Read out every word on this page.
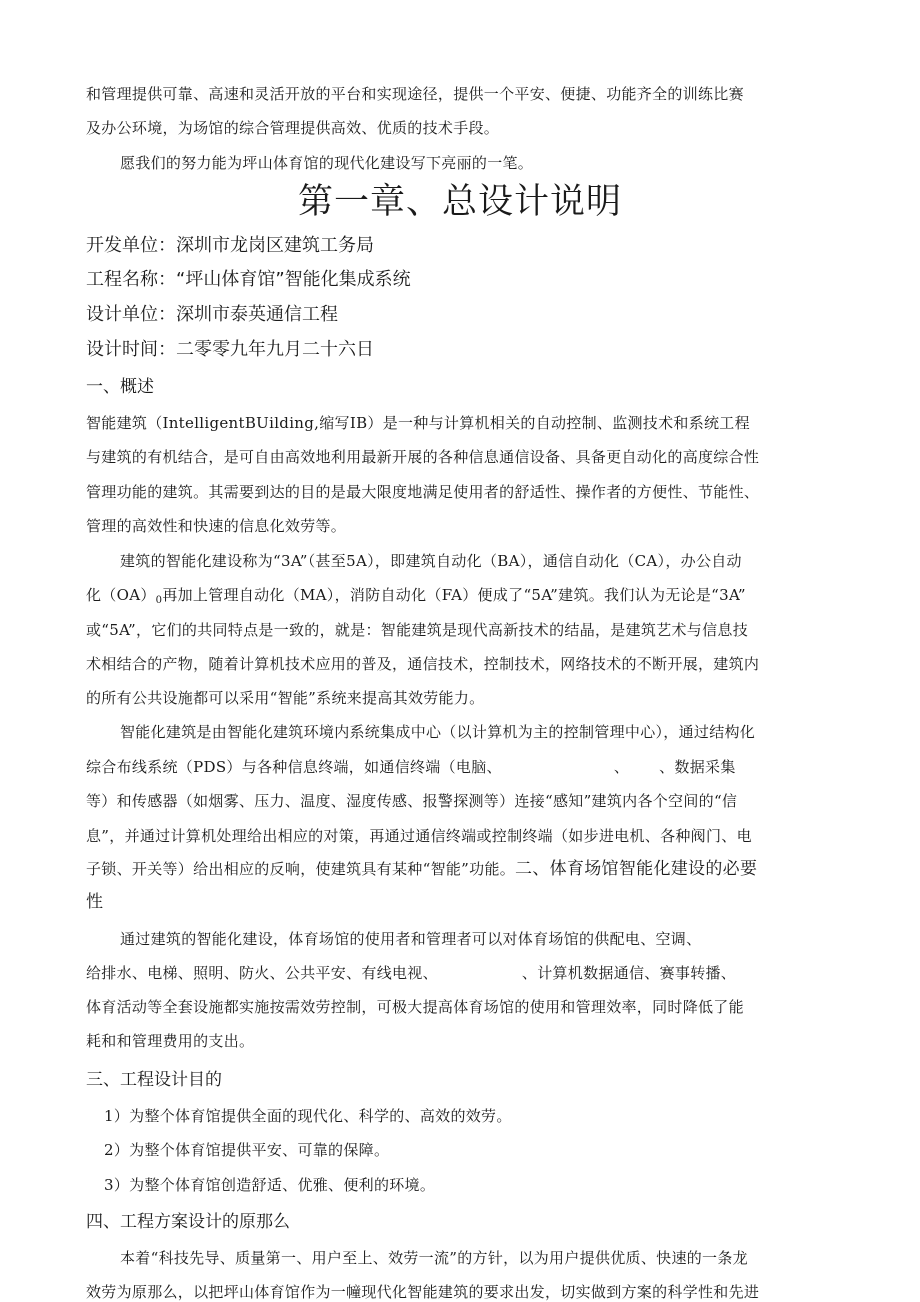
和管理提供可靠、高速和灵活开放的平台和实现途径，提供一个平安、便捷、功能齐全的训练比赛
及办公环境，为场馆的综合管理提供高效、优质的技术手段。
愿我们的努力能为坪山体育馆的现代化建设写下亮丽的一笔。
第一章、总设计说明
开发单位：深圳市龙岗区建筑工务局
工程名称：“坪山体育馆”智能化集成系统
设计单位：深圳市泰英通信工程
设计时间：二零零九年九月二十六日
一、概述
智能建筑（IntelligentBUilding,缩写IB）是一种与计算机相关的自动控制、监测技术和系统工程
与建筑的有机结合，是可自由高效地利用最新开展的各种信息通信设备、具备更自动化的高度综合性
管理功能的建筑。其需要到达的目的是最大限度地满足使用者的舒适性、操作者的方便性、节能性、
管理的高效性和快速的信息化效劳等。
建筑的智能化建设称为“3A”（甚至5A），即建筑自动化（BA），通信自动化（CA），办公自动
化$(OA)_0$再加上管理自动化（MA），消防自动化（FA）便成了“5A”建筑。我们认为无论是“3A”
或“5A”，它们的共同特点是一致的，就是：智能建筑是现代高新技术的结晶，是建筑艺术与信息技
术相结合的产物，随着计算机技术应用的普及，通信技术，控制技术，网络技术的不断开展，建筑内
的所有公共设施都可以采用“智能”系统来提高其效劳能力。
智能化建筑是由智能化建筑环境内系统集成中心（以计算机为主的控制管理中心），通过结构化
综合布线系统（PDS）与各种信息终端，如通信终端（电脑、	、 、数据采集
等）和传感器（如烟雾、压力、温度、湿度传感、报警探测等）连接“感知”建筑内各个空间的“信
息”，并通过计算机处理给出相应的对策，再通过通信终端或控制终端（如步进电机、各种阀门、电
子锁、开关等）给出相应的反响，使建筑具有某种“智能”功能。二、体育场馆智能化建设的必要
性
通过建筑的智能化建设，体育场馆的使用者和管理者可以对体育场馆的供配电、空调、
给排水、电梯、照明、防火、公共平安、有线电视、	、计算机数据通信、赛事转播、
体育活动等全套设施都实施按需效劳控制，可极大提高体育场馆的使用和管理效率，同时降低了能
耗和和管理费用的支出。
三、工程设计目的
1）为整个体育馆提供全面的现代化、科学的、高效的效劳。
2）为整个体育馆提供平安、可靠的保障。
3）为整个体育馆创造舒适、优雅、便利的环境。
四、工程方案设计的原那么
本着“科技先导、质量第一、用户至上、效劳一流”的方针，以为用户提供优质、快速的一条龙
效劳为原那么，以把坪山体育馆作为一幢现代化智能建筑的要求出发，切实做到方案的科学性和先进
